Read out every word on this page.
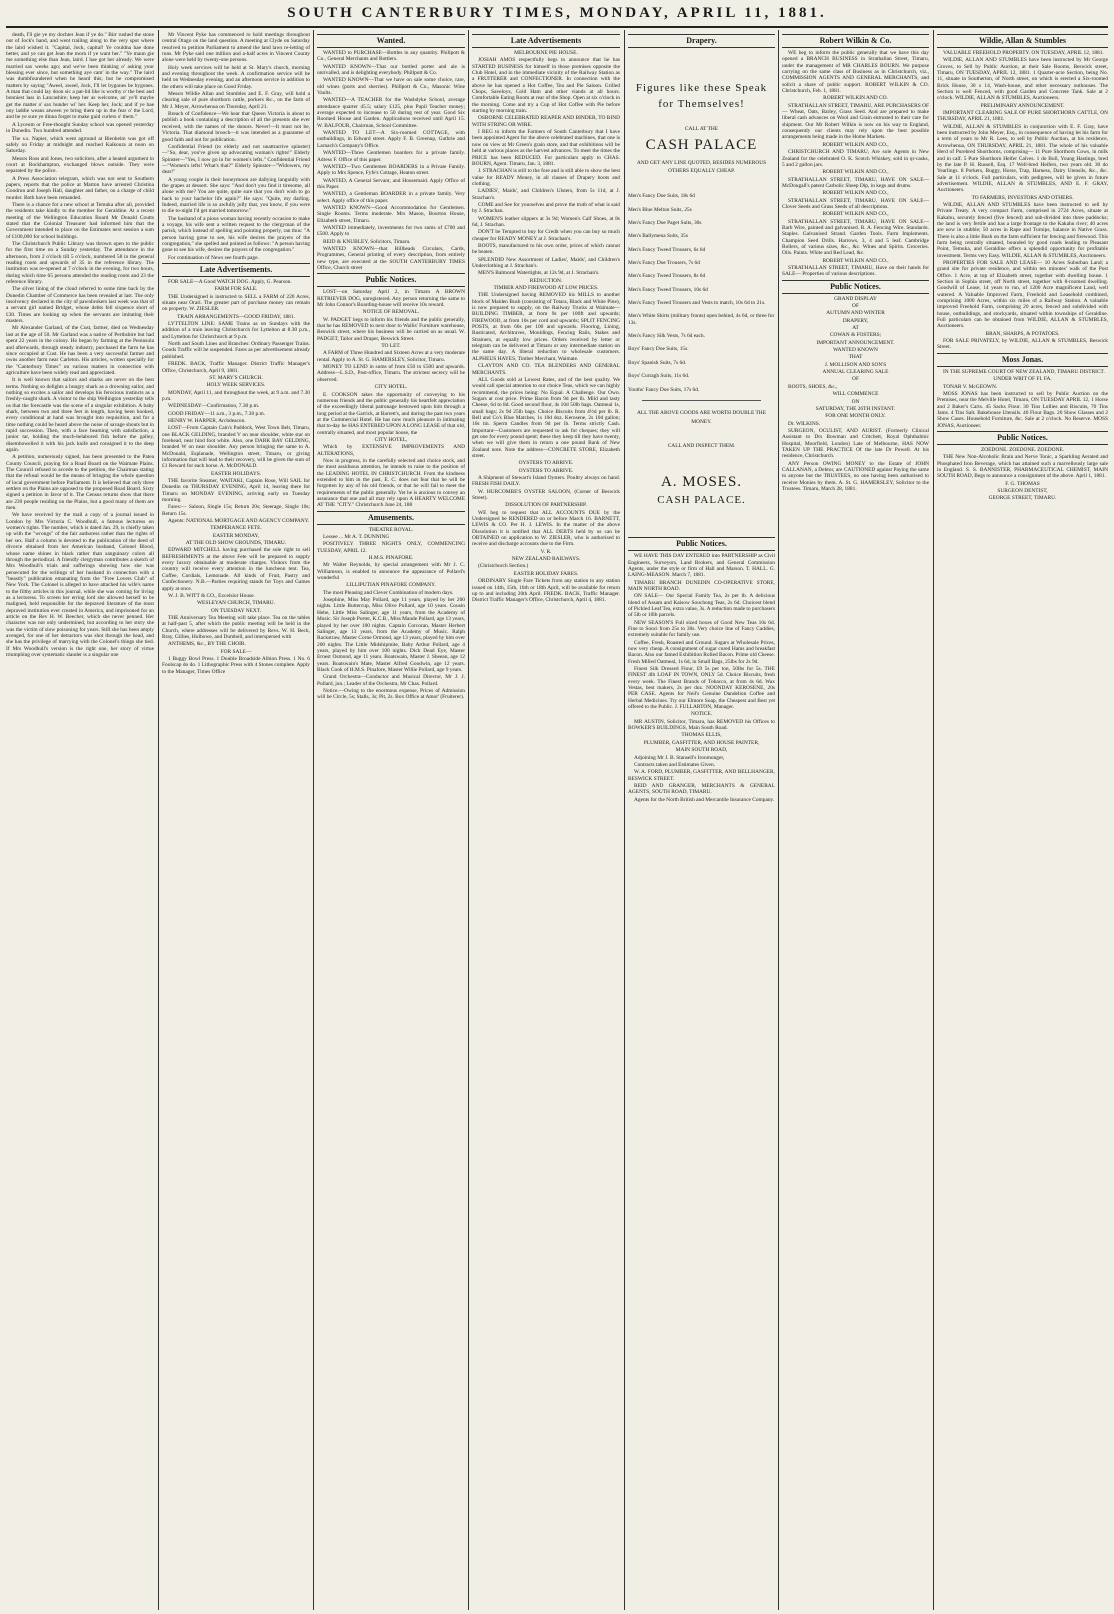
SOUTH CANTERBURY TIMES, MONDAY, APRIL 11, 1881.

death, I'll gie ye my dochter Jean if ye do." Birr rushed the stone out of Jock's hand, and went trailing along to the very spot where the laird wished it. "Capital, Jock, capital! Ye couldna hae done better, and ye can get Jean the morn if ye want her." "Ye maun gie me something else than Jean, laird. I hae got her already. We were married sax weeks ago; and we've been thinking o' asking your blessing ever since, but something aye cam' in the way." The laird was dumbfoundered when he heard this; but he compromised matters by saying "Aweel, aweel, Jock, I'll let bygones be bygones. A man that could lay doon sic a pat-lid like is worthy o' the best and bonniest lass in Lancashire; keep her as welcome, an' ye'll maybe get the matter o' sax hunder wi' her. Keep her, Jock; and if ye hae ony laddie weans atween ye bring them up in the fear o' the Lord, and be ye sure ye dinna forget to make guid curlers o' them."

A Lyceum or Free-thought Sunday school was opened yesterday in Dunedin. Two hundred attended.

The s.s. Napier, which went aground at Blenheim was got off safely on Friday at midnight and reached Kaikoura at noon on Saturday.

Messrs Ross and Jones, two solicitors, after a heated argument in court at Rockhampton, exchanged blows outside. They were separated by the police.

A Press Association telegram, which was not sent to Southern papers, reports that the police at Marton have arrested Christina Goodrun and Joseph Hall, daughter and father, on a charge of child murder. Both have been remanded.

There is a chance for a new school at Temuka after all, provided the residents take kindly to the member for Geraldine. At a recent meeting of the Wellington Education Board Mr Donald Coutts stated that the Colonial Treasurer had informed him that the Government intended to place on the Estimates next session a sum of £100,000 for school buildings.

The Christchurch Public Library was thrown open to the public for the first time on a Sunday yesterday. The attendance in the afternoon, from 2 o'clock till 5 o'clock, numbered 58 in the general reading room and upwards of 35 in the reference library. The institution was re-opened at 7 o'clock in the evening, for two hours, during which time 65 persons attended the reading room and 23 the reference library.

The silver lining of the cloud referred to some time back by the Dunedin Chamber of Commerce has been revealed at last. The only insolvency declared in the city of pawnbrokers last week was that of a servant girl named Bridget, whose debts fell sixpence short of £30. Times are looking up when the servants are imitating their masters.

Mr Alexander Garland, of the Cust, farmer, died on Wednesday last at the age of 50. Mr Garland was a native of Perthshire but had spent 22 years in the colony. Ho began by farming at the Peninsula and afterwards, through steady industry, purchased the farm he has since occupied at Cust. He has been a very successful farmer and owns another farm near Carleton. His articles, written specially for the "Canterbury Times" on various matters in connection with agriculture have been widely read and appreciated.

It is well known that sailors and sharks are never on the best terms. Nothing so delights a hungry shark as a drowning sailor, and nothing so excites a sailor and develops his ferocious instincts as a freshly-caught shark. A visitor to the ship Wellington yesterday tells us that the forecastle was the scene of a singular exhibition. A baby shark, between two and three feet in length, having been hooked, every conditional at hand was brought into requisition, and for a time nothing could be heard above the noise of savage shouts but in rapid succession. Then, with a face beaming with satisfaction, a junior tar, holding the much-belabored fish before the galley, disembowelled it with his jack knife and consigned it to the deep again.

A petition, numerously signed, has been presented to the Patea County Council, praying for a Road Board on the Waimate Plains. The Council refused to accede to the petition, the Chairman stating that the refusal would be the means of bringing the whole question of local government before Parliament. It is believed that only three settlers on the Plains are opposed to the proposed Road Board. Sixty signed a petition in favor of it. The Census returns show that there are 230 people residing on the Plains, but a good many of them are men.

We have received by the mail a copy of a journal issued in London by Mrs Victoria C. Woodhull, a famous lecturess on women's rights. The number, which is dated Jan. 29, is chiefly taken up with the "wrongs" of the fair authoress rather than the rights of her sex. Half a column is devoted to the publication of the deed of divorce obtained from her American husband, Colonel Blood, whose name shines in black rather than sanguinary colors all through the periodical. A friendly clergyman contributes a sketch of Mrs Woodhull's trials and sufferings showing how she was persecuted for the writings of her husband in connection with a "beastly" publication emanating from the "Free Lovers Club" of New York. The Colonel is alleged to have attached his wife's name to the filthy articles in this journal, while she was coming for living as a lecturess. To screen her erring lord she allowed herself to be maligned, held responsible for the depraved literature of the most depraved institution ever created in America, and imprisoned for an article on the Rev H. W. Beecher, which she never penned. Her character was not only undermined, but according to her story she was the victim of slow poisoning for years. Still she has been amply avenged, for one of her detractors was shot through the head, and she has the privilege of marrying with the Colonel's things she tied. If Mrs Woodhull's version is the right one, her story of virtue triumphing over systematic slander is a singular one

Mr Vincent Pyke has commenced to hold meetings throughout central Otago on the land question. A meeting at Clyde on Saturday resolved to petition Parliament to amend the land laws re-letting of runs. Mr Pyke said one million and a-half acres in Vincent County alone were held by twenty-one persons.

Holy week services will be held at St. Mary's church, morning and evening throughout the week. A confirmation service will be held on Wednesday evening, and an afternoon service in addition to the others will take place on Good Friday.

Messrs Wildie Allan and Stumbles and E. F. Gray, will hold a clearing sale of pure shorthorn cattle, porkers &c., on the farm of Mr J. Meyer, Arrowhenua on Thursday, April 21.

Breach of Confidence—We hear that Queen Victoria is about to publish a book containing a description of all the presents she ever received, with the names of the donors. Never!—It must not be, Victoria. That diamond brooch—it was intended as a guarantee of good faith and not for publication.

Confidential Friend (to elderly and not unattractive spinster)—"So, dear, you've given up advocating woman's rights!" Elderly Spinster—"Yes, I now go in for women's lefts." Confidential Friend—"Women's lefts! What's that?" Elderly Spinster—"Widowers, my dear!"

A young couple in their honeymoon are dallying languidly with the grapes at dessert. She says: "And don't you find it tiresome, all alone with me? You are quite, quite sure that you don't wish to go back to your bachelor life again?" He says: "Quite, my darling. Indeed, married life is so awfully jolly that, you know, if you were to die to-night I'd get married tomorrow."

The husband of a pious woman having recently occasion to make a voyage, his wife sent a written request to the clergyman of the parish, which instead of spelling and pointing properly, ran thus: "A person having gone to see, his wife desires the prayers of the congregation," she spelled and pointed as follows: "A person having gone to see his wife, desires the prayers of the congregation."

For continuation of News see fourth page.

Late Advertisements.

FOR SALE—A Good WATCH DOG. Apply, G. Pearson.

FARM FOR SALE.

THE Undersigned is instructed to SELL a FARM of 220 Acres, situate near Orari. The greater part of purchase money can remain on property. W. ZIESLER.

TRAIN ARRANGEMENTS—GOOD FRIDAY, 1881.

LYTTELTON LINE: SAME Trains as on Sundays with the addition of a train leaving Christchurch for Lyttelton at 8.30 p.m., and Lyttelton for Christchurch at 9 p.m.

North and South Lines and Branches: Ordinary Passenger Trains. Goods Traffic will be suspended. Fares as per advertisement already published.

FREDK. BACK, Traffic Manager. District Traffic Manager's Office, Christchurch, April 9, 1881.

ST. MARY'S CHURCH.

HOLY WEEK SERVICES.

MONDAY, April 11, and throughout the week, at 9 a.m. and 7.30 p.m.

WEDNESDAY—Confirmation, 7.30 p.m.

GOOD FRIDAY—11 a.m., 3 p.m., 7.30 p.m.

HENRY W. HARPER, Archdeacon.

LOST—From Captain Cain's Paddock, West Town Belt, Timaru, one BLACK GELDING, branded V on near shoulder, white star on forehead, near hind foot white. Also, one DARK BAY GELDING, branded W on near shoulder. Any person bringing the same to A. McDonald, Esplanade, Wellington street, Timaru, or giving information that will lead to their recovery, will be given the sum of £1 Reward for each horse. A. McDONALD.

EASTER HOLIDAYS.

THE favorite Steamer, WAITAKI, Captain Rose, Will SAIL for Dunedin on THURSDAY EVENING, April 14, leaving there for Timaru on MONDAY EVENING, arriving early on Tuesday morning.

Fares:— Saloon, Single 15s; Return 20s; Steerage, Single 10s; Return 15s.

Agents: NATIONAL MORTGAGE AND AGENCY COMPANY.

TEMPERANCE FETE.

EASTER MONDAY,

AT THE OLD SHOW GROUNDS, TIMARU.

EDWARD MITCHELL having purchased the sole right to sell REFRESHMENTS at the above Fete will be prepared to supply every luxury obtainable at moderate charges. Visitors from the country will receive every attention in the luncheon tent. Tea, Coffee, Cordials, Lemonade. All kinds of Fruit, Pastry and Confectionery. N.B.—Parties requiring stands for Toys and Games apply at once.

W. J. B. WITT & CO., Excelsior House.

WESLEYAN CHURCH, TIMARU.

ON TUESDAY NEXT.

THE Anniversary Tea Meeting will take place. Tea on the tables at half-past 5, after which the public meeting will be held in the Church, where addresses will be delivered by Revs. W. H. Beck, Bray, Gillies, Hulbowe, and Dumbell, and interspersed with

ANTHEMS, &c., BY THE CHOIR.

FOR SALE—

1 Buggy Bowl Press. 1 Double Broadside Albion Press. 1 No. 6 Foolscap do do. 1 Lithographic Press with 4 Stones complete. Apply to the Manager, Times Office

Wanted.

WANTED to PURCHASE—Bottles in any quantity. Phillpott & Co., General Merchants and Bottlers.

WANTED KNOWN—That our bottled porter and ale is unrivalled, and is delighting everybody. Phillpott & Co.

WANTED KNOWN—That we have on sale some choice, rare, old wines (ports and sherries). Phillpott & Co., Masonic Wine Vaults.

WANTED—A TEACHER for the Washdyke School, average attendance quarter 45.5; salary £125, plus Pupil Teacher money; average expected to increase to 50 during rest of year. Good Six Roomed House and Garden. Applications received until April 15. W. BALFOUR, Chairman, School Committee.

WANTED TO LET—A Six-roomed COTTAGE, with outbuildings, in Edward street. Apply F. B. Greenup, Guthrie and Larnach's Company's Office.

WANTED—Three Gentlemen boarders for a private family. Adress F. Office of this paper.

WANTED—Two Gentlemen BOARDERS in a Private Family. Apply to Mrs Spence, Fyfe's Cottage, Heaton street.

WANTED, A General Servant, and Housemaid. Apply Office of this Paper.

WANTED, a Gentleman BOARDER in a private family. Very select. Apply office of this paper.

WANTED KNOWN—Good Accommodation for Gentlemen. Single Rooms. Terms moderate. Mrs Mason, Bourton House, Elizabeth street, Timaru.

WANTED immediately, investments for two sums of £700 and £500. Apply to

REID & KNUBLEY, Solicitors, Timaru.

WANTED KNOWN—that Billheads Circulars, Cards, Programmes, General printing of every description, from entirely new type, are executed at the SOUTH CANTERBURY TIMES Office, Church street

Public Notices.

LOST—on Saturday April 2, in Timaru A BROWN RETRIEVER DOG, unregistered. Any person returning the same to Mr John Connor's Boarding-house will receive 10s reward.

NOTICE OF REMOVAL.

W. PADGET begs to inform his friends and the public generally, that he has REMOVED to next door to Wallis' Furniture warehouse, Beswick street, where his business will be carried on as usual. W. PADGET, Tailor and Draper, Beswick Street.

TO LET.

A FARM of Three Hundred and Sixteen Acres at a very moderate rental. Apply to A. St. G. HAMERSLEY, Solicitor, Timaru.

MONEY TO LEND in sums of from £50 to £500 and upwards. Address—L.S.D., Post-office, Timaru. The strictest secrecy will be observed.

CITY HOTEL.

E. COOKSON takes the opportunity of conveying to his numerous friends and the public generally his heartfelt appreciation of the exceedingly liberal patronage bestowed upon him through a long period at the Garrick, at Barrett's, and during the past two years at the Commercial Hotel. He has now much pleasure in intimating that to-day he HAS ENTERED UPON A LONG LEASE of that old, centrally situated, and most popular house, the

CITY HOTEL,

Which by EXTENSIVE IMPROVEMENTS AND ALTERATIONS,

Now in progress, in the carefully selected and choice stock, and the most assiduous attention, he intends to raise to the position of the LEADING HOTEL IN CHRISTCHURCH. From the kindness extended to him in the past, E. C. does not fear that he will be forgotten by any of his old friends, or that he will fail to meet the requirements of the public generally. Yet he is anxious to convey an assurance that one and all may rely upon A HEARTY WELCOME AT THE "CITY." Christchurch June 24, 188

Amusements.

THEATRE ROYAL.

Lessee ... Mr A. T. DUNNING

POSITIVELY THREE NIGHTS ONLY, COMMENCING TUESDAY, APRIL 12.

H.M.S. PINAFORE.

Mr Walter Reynolds, by special arrangement with Mr J. C. Williamson, is enabled to announce the appearance of Pollard's wonderful

LILLIPUTIAN PINAFORE COMPANY.

The most Pleasing and Clever Combination of modern days.

Josephine, Miss May Pollard, age 11 years, played by her 200 nights. Little Buttercup, Miss Olive Pollard, age 10 years. Cousin Hebe, Little Miss Salinger, age 11 years, from the Academy of Music. Sir Joseph Porter, K.C.B., Miss Maude Pollard, age 13 years, played by her over 100 nights. Captain Corcoran, Master Herbert Salinger, age 13 years, from the Academy of Music. Ralph Rackstraw, Master Corne Ormond, age 13 years, played by him over 200 nights. The Little Midshipmite, Baby Arthur Pollard, age 4 years, played by him over 100 nights. Dick Dead Eye, Master Ernest Osmond, age 11 years. Boatswain, Master J. Sheean, age 12 years. Boatswain's Mate, Master Alfred Goodwin, age 12 years. Black Cook of H.M.S. Pinafore, Master Willie Pollard, age 9 years.

Grand Orchestra—Conductor and Musical Director, Mr J. J. Pollard, jun.; Leader of the Orchestra, Mr Chas. Pollard.

Notice.—Owing to the enormous expense, Prices of Admission will be Circle, 5s; Stalls, 3s; Pit, 2s. Box Office at Amor' (Fruiterer).

Late Advertisements

MELBOURNE PIE HOUSE.

JOSIAH AMOS respectfully begs to announce that he has STARTED BUSINESS for himself in those premises opposite the Club Hotel, and in the immediate vicinity of the Railway Station as a FRUITERER and CONFECTIONER. In connection with the above he has opened a Hot Coffee, Tea and Pie Saloon. Grilled Chops, Saveloys, Cold Ham and other viands at all hours. Comfortable Eating Room at rear of the Shop. Open at six o'clock in the morning. Come and try a Cup of Hot Coffee with Pie before starting by morning train.

OSBORNE CELEBRATED REAPER AND BINDER, TO BIND WITH STRING OR WIRE.

I BEG to inform the Farmers of South Canterbury that I have been appointed Agent for the above celebrated machines, that one is now on view at Mr Green's grain store, and that exhibitions will be held at various places as the harvest advances. To meet the times the PRICE has been REDUCED. For particulars apply to CHAS. BOURN, Agent. Timaru, Jan. 3, 1881.

J. STRACHAN is still to the fore and is still able to show the best value for READY Money, in all classes of Drapery boots and clothing.

LADIES', Maids', and Children's Ulsters, from 5s 11d, at J. Strachan's.

COME and See for yourselves and prove the truth of what is said by J. Strachan.

WOMEN'S leather slippers at 3s 9d; Women's Calf Shoes, at 8s 6d, J. Strachan.

DON'T be Tempted to buy for Credit when you can buy so much cheaper for READY MONEY at J. Strachan's.

BOOTS, manufactured to his own order, prices of which cannot be beaten.

SPLENDID New Assortment of Ladies', Maids', and Children's Underclothing at J. Strachan's.

MEN'S Balmoral Watertights, at 12s 9d, at J. Strachan's.

REDUCTION.

TIMBER AND FIREWOOD AT LOW PRICES.

THE Undersigned having REMOVED his MILLS to another block of Maiden Bush (consisting of Totara, Black and White Pine), is now prepared to supply, on the Railway Trucks at Waimate—BUILDING TIMBER, at from 9s per 100ft and upwards; FIREWOOD, at from 10s per cord and upwards; SPLIT FENCING POSTS, at from 60s per 100 and upwards. Flooring, Lining, Rusticated, Architraves, Mouldings, Fencing Rails, Stakes and Strainers, at equally low prices. Orders received by letter or telegram can be delivered at Timaru or any intermediate station on the same day. A liberal reduction to wholesale customers. ALPHEUS HAYES, Timber Merchant, Waimate.

CLAYTON AND CO. TEA BLENDERS AND GENERAL MERCHANTS.

ALL Goods sold at Lowest Rates, and of the best quality. We would call special attention to our choice Teas, which we can highly recommend, the prices being: No Equal. A Challenge. Our Own. Sugars at cost price. Prime Bacon from 9d per lb. Mild and tasty Cheese, 6d to 8d. Good second flour, 4s 10d 50lb bags. Oatmeal 1s, small bags; 2s 9d 25lb bags. Choice Biscuits from 4½d per lb. R. Bell and Co's Blue Matches, 1s 10d doz. Kerosene, 2s 10d gallon; 10s tin. Sperm Candles from 9d per lb. Terms strictly Cash. Important—Customers are requested to ask for cheques; they will get one for every pound spent; these they keep till they have twenty, when we will give them in return a one pound Bank of New Zealand note. Note the address—CONCRETE STORE, Elizabeth street.

OYSTERS TO ARRIVE.

OYSTERS TO ARRIVE.

A Shipment of Stewart's Island Oysters. Poultry always on hand. FRESH FISH DAILY.

W. HURCOMBE'S OYSTER SALOON, (Corner of Beswick Street).

DISSOLUTION OF PARTNERSHIP.

WE beg to request that ALL ACCOUNTS DUE by the Undersigned be RENDERED on or before March 16. BARNETT, LEWIS & CO. Per H. J. LEWIS. In the matter of the above Dissolution it is notified that ALL DEBTS held by us can be OBTAINED on application to W. ZIESLER, who is authorised to receive and discharge accounts due to the Firm.

V. R.

NEW ZEALAND RAILWAYS.

(Christchurch Section.)

EASTER HOLIDAY FARES.

ORDINARY Single Fare Tickets from any station to any station issued on 14th, 15th, 16th or 18th April, will be available for return up to and including 20th April. FREDK. BACK, Traffic Manager. District Traffic Manager's Office, Christchurch, April 4, 1881.

Drapery.

Figures like these Speak for Themselves!

CALL AT THE

CASH PALACE

AND GET ANY LINE QUOTED, BESIDES NUMEROUS OTHERS EQUALLY CHEAP.

Men's Fancy Doe Suits, 18s 6d

Men's Blue Melton Suits, 25s

Men's Fancy Doe Paget Suits, 30s

Men's Ballymena Suits, 35s

Men's Fancy Tweed Trousers, 6s 6d

Men's Fancy Doe Trousers, 7s 6d

Men's Fancy Tweed Trousers, 8s 6d

Men's Fancy Tweed Trousers, 10s 6d

Men's Fancy Tweed Trousers and Vests to match, 10s 6d to 21s.

Men's White Shirts (military fronts) open behind, 4s 6d, or three for 13s.

Men's Fancy Silk Vests, 7s 6d each.

Boys' Fancy Doe Suits, 15s.

Boys' Spanish Suits, 7s 6d.

Boys' Curragh Suits, 11s 6d.

Youths' Fancy Doe Suits, 17s 6d.

ALL THE ABOVE GOODS ARE WORTH DOUBLE THE MONEY.

CALL AND INSPECT THEM.

A. MOSES.

CASH PALACE.

Public Notices.

WE HAVE THIS DAY ENTERED into PARTNERSHIP as Civil Engineers, Surveyors, Land Brokers, and General Commission Agents, under the style or firm of Hall and Marson. T. HALL. G. LAING-MEASON. March 7, 1881.

TIMARU BRANCH DUNEDIN CO-OPERATIVE STORE, MAIN NORTH ROAD.

ON SALE— Our Special Family Tea, 2s per lb. A delicious blend of Assam and Kaisow Souchong Teas, 2s 6d. Choicest blend of Pickled Leaf Tea, extra value, 3s. A reduction made to purchasers of 5lb or 10lb parcels.

NEW SEASON'S Full sized boxes of Good New Teas 10s 6d. Fine to Souci from 25s to 30s. Very choice line of Fancy Caddies, extremely suitable for family use.

Coffee, Fresh, Roasted and Ground. Sugars at Wholesale Prices, now very cheap. A consignment of sugar cured Hams and breakfast Bacon. Also our famed Exhibition Rolled Bacon. Prime old Cheese. Fresh Milled Oatmeal, 1s 6d, in Small Bags, 25lbs for 2s 9d.

Finest Silk Dressed Flour, £9 5s per ton, 50lbs for 5s. THE FINEST 4lb LOAF IN TOWN, ONLY 5d. Choice Biscuits, fresh every week. The Finest Brands of Tobacco, at from 4s 6d. Wax Vestas, best makers, 2s per doz. NOONDAY KEROSENE, 20s PER CASE. Agents for Neil's Genuine Dandelion Coffee and Herbal Medicines. Try our Elmore Soap, the Cheapest and Best yet offered to the Public. J. FULLARTON, Manager.

NOTICE.

MR AUSTIN, Solicitor, Timaru, has REMOVED his Offices to BOWKER'S BUILDINGS, Main South Road.

THOMAS ELLIS,

PLUMBER, GASFITTER, AND HOUSE PAINTER,

MAIN SOUTH ROAD,

Adjoining Mr J. B. Stansell's Ironmonger,

Contracts taken and Estimates Given.

W. A. FORD, PLUMBER, GASFITTER, AND BELLHANGER, BESWICK STREET.

REID AND GRANGER, MERCHANTS & GENERAL AGENTS, SOUTH ROAD, TIMARU.

Agents for the North British and Mercantile Insurance Company.

Robert Wilkin & Co.

WE beg to inform the public generally that we have this day opened a BRANCH BUSINESS in Strathallan Street, Timaru, under the management of MR CHARLES BOURN. We purpose carrying on the same class of Business as in Christchurch, viz., COMMISSION AGENTS AND GENERAL MERCHANTS, and solicit a share of public support. ROBERT WILKIN & CO. Christchurch, Feb. 1, 1881.

ROBERT WILKIN AND CO.

STRATHALLAN STREET, TIMARU, ARE PURCHASERS OF— Wheat, Oats, Barley, Grass Seed. And are prepared to make liberal cash advances on Wool and Grain entrusted to their care for shipment. Our Mr Robert Wilkin is now on his way to England, consequently our clients may rely upon the best possible arrangements being made in the Home Markets.

ROBERT WILKIN AND CO.,

CHRISTCHURCH AND TIMARU, Are sole Agents in New Zealand for the celebrated O. K. Scotch Whiskey, sold in qr-casks, 5 and 2 gallon jars.

ROBERT WILKIN AND CO.,

STRATHALLAN STREET, TIMARU, HAVE ON SALE— McDougall's patent Carbolic Sheep Dip, in kegs and drums.

ROBERT WILKIN AND CO.,

STRATHALLAN STREET, TIMARU, HAVE ON SALE— Clover Seeds and Grass Seeds of all descriptions.

ROBERT WILKIN AND CO.,

STRATHALLAN STREET, TIMARU, HAVE ON SALE— Barb Wire, painted and galvanised. B. A. Fencing Wire. Standards. Staples. Galvanised Strand. Garden Tools. Farm Implements. Champion Seed Drills. Harrows, 3, 4 and 5 leaf. Cambridge Rollers, of various sizes, &c., &c. Wines and Spirits. Groceries. Oils. Paints. White and Red Lead, &c.

ROBERT WILKIN AND CO.,

STRATHALLAN STREET, TIMARU, Have on their hands for SALE— Properties of various descriptions.

Public Notices.

GRAND DISPLAY

OF

AUTUMN AND WINTER

DRAPERY,

AT

COWAN & FOSTERS;

IMPORTANT ANNOUNCEMENT.

WANTED KNOWN

THAT

J. MOLLISON AND SON'S

ANNUAL CLEARING SALE

OF

BOOTS, SHOES, &c.,

WILL COMMENCE

ON

SATURDAY, THE 26TH INSTANT.

FOR ONE MONTH ONLY.

Dr. WILKINS.

SURGEON, OCULIST, AND AURIST. (Formerly Clinical Assistant to Drs Bowman and Critchett, Royal Ophthalmic Hospital, Moorfield, London) Late of Melbourne, HAS NOW TAKEN UP THE PRACTICE Of the late Dr Powell. At his residence, Christchurch.

ANY Person OWING MONEY to the Estate of JOHN CALLANAN, a Debtor, are CAUTIONED against Paying the same to anyone but the TRUSTEES, no one having been authorised to receive Monies by them. A. St. G. HAMERSLEY, Solicitor to the Trustees. Timaru, March 28, 1881.

Wildie, Allan & Stumbles

VALUABLE FREEHOLD PROPERTY. ON TUESDAY, APRIL 12, 1881.

WILDIE, ALLAN AND STUMBLES have been instructed by Mr George Groves, to Sell by Public Auction, at their Sale Rooms, Beswick street, Timaru, ON TUESDAY, APRIL 12, 1881. 1 Quarter-acre Section, being No. 11, situate in Southerton, of North street, on which is erected a Six-roomed Brick House, 30 x 14, Wash-house, and other necessary outhouses. The Section is well Fenced, with good Garden and Concrete Tank. Sale at 2 o'clock. WILDIE, ALLAN & STUMBLES, Auctioneers.

PRELIMINARY ANNOUNCEMENT.

IMPORTANT CLEARING SALE OF PURE SHORTHORN CATTLE, ON THURSDAY, APRIL 21, 1881.

WILDIE, ALLAN & STUMBLES in conjunction with E. F. Gray, have been instructed by John Meyer, Esq., in consequence of having let his farm for a term of years to Mr R. Lees, to sell by Public Auction, at his residence, Arrowhenua, ON THURSDAY, APRIL 21, 1881. The whole of his valuable Herd of Purebred Shorthorns, comprising— 11 Pure Shorthorn Cows, in milk and in calf. 5 Pure Shorthorn Heifer Calves. 1 do Bull, Young Hastings, bred by the late P. H. Russell, Esq. 17 Well-bred Heifers, two years old. 30 do Yearlings. 8 Porkers, Buggy, Horse, Trap, Harness, Dairy Utensils, &c., &c. Sale at 11 o'clock. Full particulars, with pedigrees, will be given in future advertisement. WILDIE, ALLAN & STUMBLES, AND E. F. GRAY, Auctioneers.

TO FARMERS, INVESTORS AND OTHERS.

WILDIE, ALLAN AND STUMBLES have been instructed to sell by Private Treaty. A very compact Farm, comprised in 2724 Acres, situate at Kakahu, securely fenced (five fenced) and sub-divided into three paddocks; the land is very fertile and has a large frontage to the Kakahu river; 40 acres are now in stubble; 50 acres in Rape and Turnips, balance in Native Grass. There is also a little Bush on the farm sufficient for fencing and firewood. This farm being centrally situated, bounded by good roads leading to Pleasant Point, Temuka, and Geraldine offers a splendid opportunity for profitable investment. Terms very Easy. WILDIE, ALLAN & STUMBLES, Auctioneers.

PROPERTIES FOR SALE AND LEASE— 10 Acres Suburban Land; a grand site for private residence, and within ten minutes' walk of the Post Office. 1 Acre, at top of Elizabeth street, together with dwelling house. 1 Section in Sophia street, off North street, together with 8-roomed dwelling. Goodwill of Lease, 14 years to run, of 1200 Acre magnificent Land, well watered. A Valuable Improved Farm, Freehold and Leasehold combined, comprising 1000 Acres, within six miles of a Railway Station. A valuable improved Freehold Farm, comprising 20 acres, fenced and subdivided with house, outbuildings, and stockyards, situated within townships of Geraldine. Full particulars can be obtained from WILDIE, ALLAN & STUMBLES, Auctioneers.

BRAN, SHARPS, & POTATOES.

FOR SALE PRIVATELY, by WILDIE, ALLAN & STUMBLES, Beswick Street.

Moss Jonas.

IN THE SUPREME COURT OF NEW ZEALAND, TIMARU DISTRICT.

UNDER WRIT OF FI. FA.

TONAR V. McGEOWN.

MOSS JONAS has been instructed to sell by Public Auction on the Premises, near the Melville Hotel, Timaru, ON TUESDAY APRIL 12, 1 Horse and 2 Baker's Carts. 45 Sacks Flour. 30 Tins Lollies and Biscuits, 70 Tins Jams. 4 Tins Salt. Bakehouse Utensils. 40 Flour Bags. 20 Show Glasses and 2 Show Cases. Household Furniture, &c. Sale at 2 o'clock. No Reserve. MOSS JONAS, Auctioneer.

Public Notices.

ZOEDONE. ZOEDONE. ZOEDONE.

THE New Non-Alcoholic Brain and Nerve Tonic, a Sparkling Aerated and Phosphated Iron Beverage, which has attained such a marvellously large sale in England. S. S. BANNISTER, PHARMACEUTICAL CHEMIST, MAIN SOUTH ROAD, Begs to announce a consignment of the above. April 1, 1881.

F. G. THOMAS

SURGEON DENTIST,

GEORGE STREET, TIMARU.
